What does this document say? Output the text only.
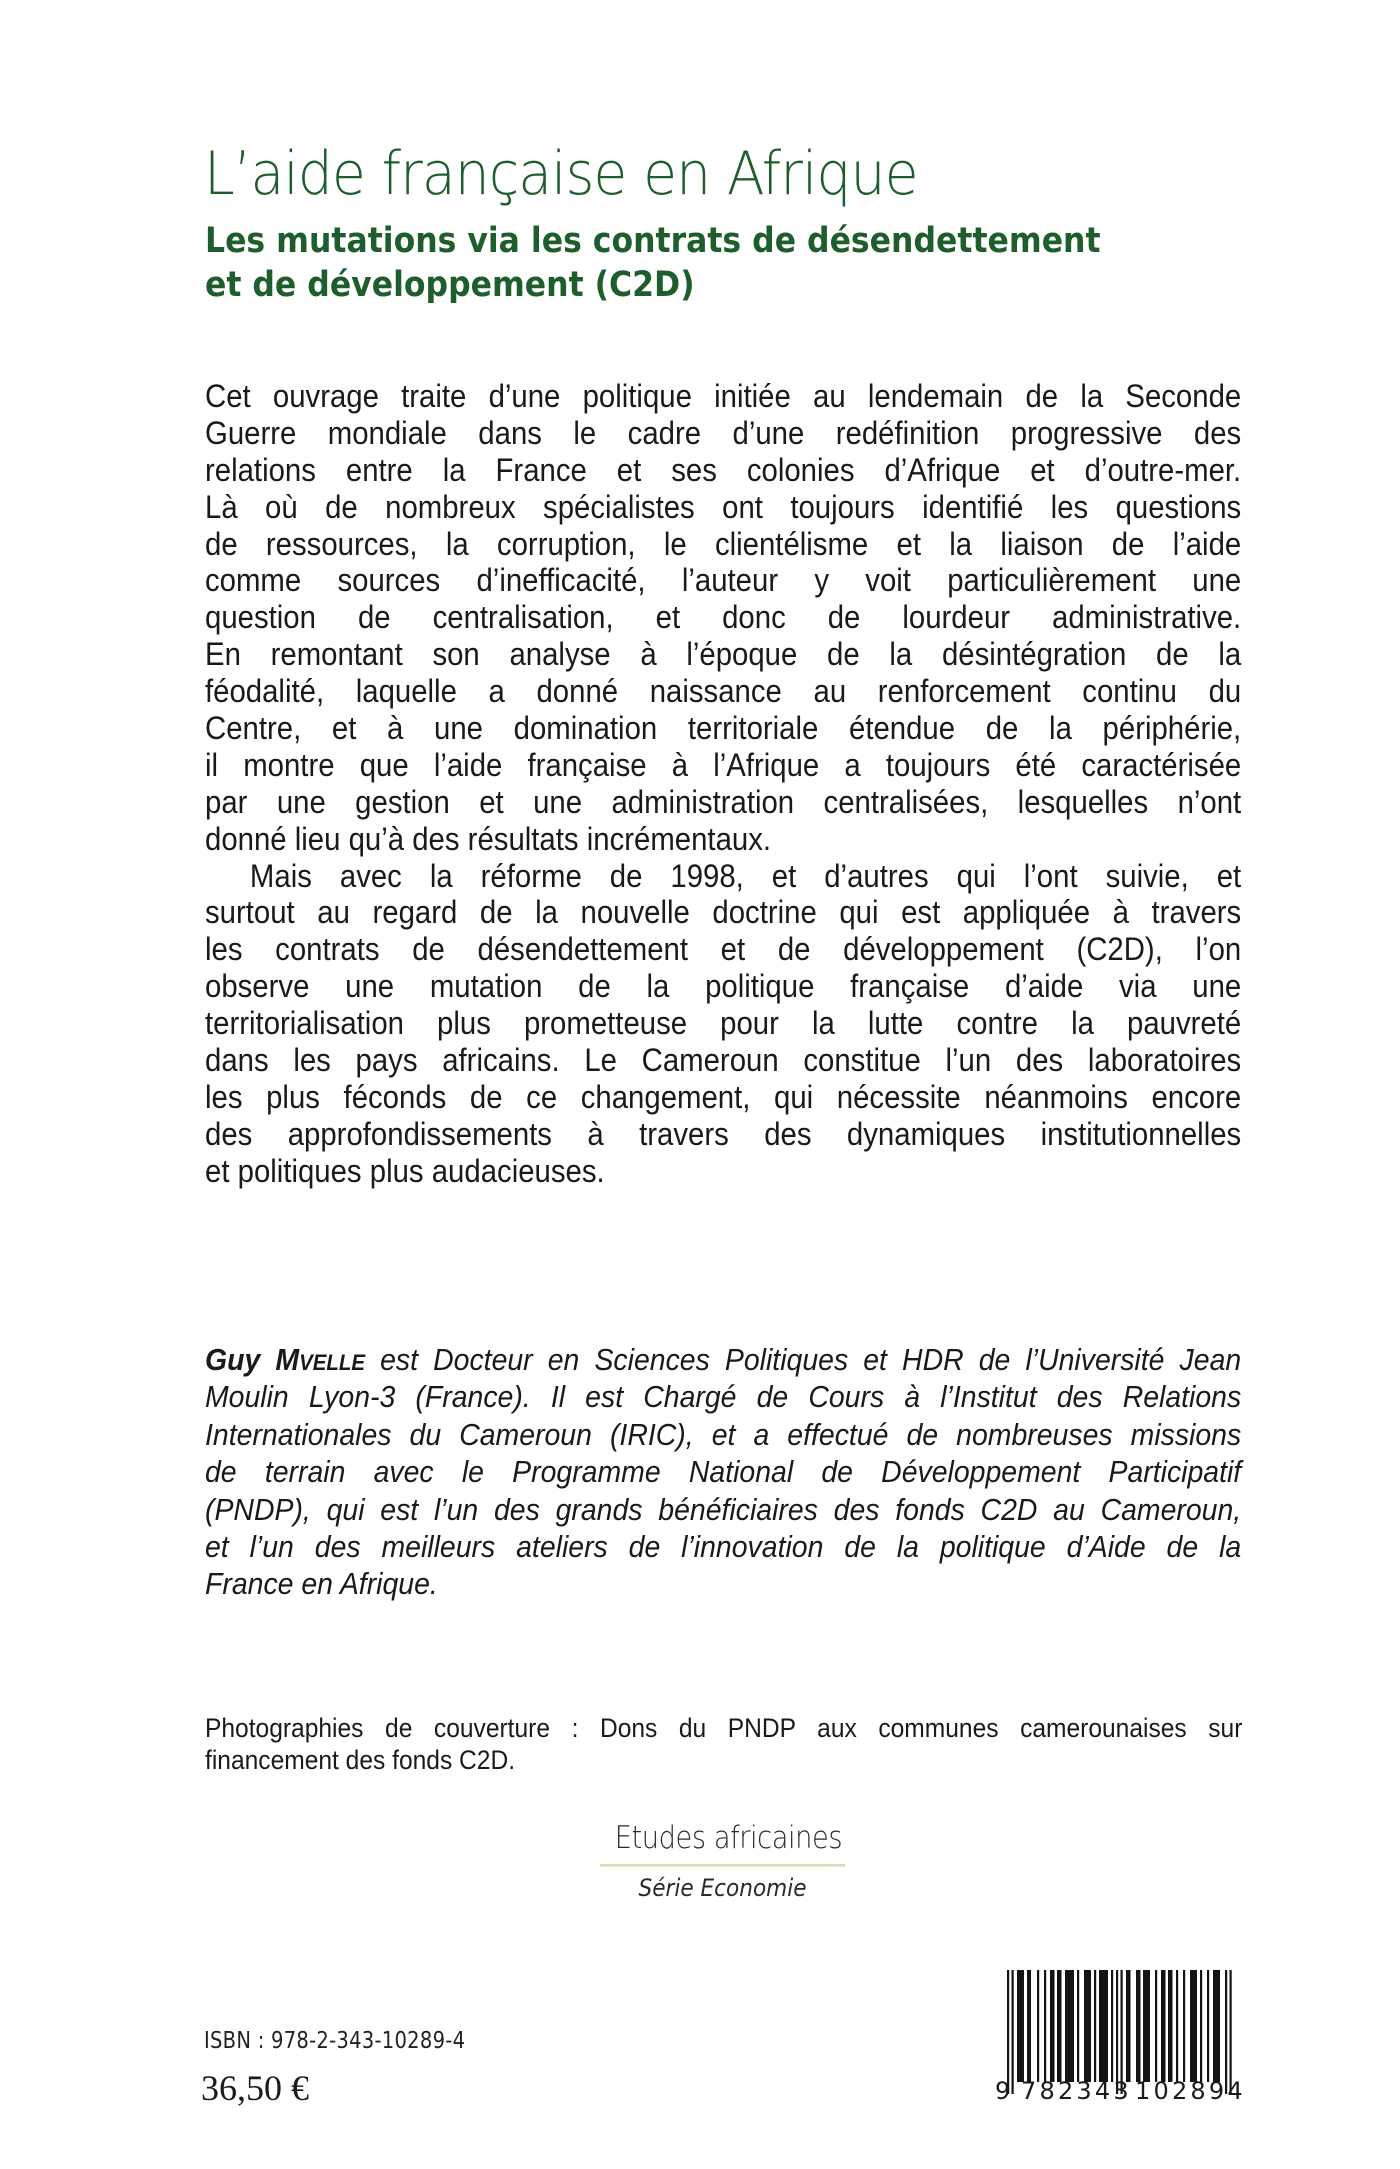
L’aide française en Afrique
Les mutations via les contrats de désendettement
et de développement (C2D)
Cet ouvrage traite d’une politique initiée au lendemain de la Seconde
Guerre mondiale dans le cadre d’une redéfinition progressive des
relations entre la France et ses colonies d’Afrique et d’outre-mer.
Là où de nombreux spécialistes ont toujours identifié les questions
de ressources, la corruption, le clientélisme et la liaison de l’aide
comme sources d’inefficacité, l’auteur y voit particulièrement une
question de centralisation, et donc de lourdeur administrative.
En remontant son analyse à l’époque de la désintégration de la
féodalité, laquelle a donné naissance au renforcement continu du
Centre, et à une domination territoriale étendue de la périphérie,
il montre que l’aide française à l’Afrique a toujours été caractérisée
par une gestion et une administration centralisées, lesquelles n’ont
donné lieu qu’à des résultats incrémentaux.
Mais avec la réforme de 1998, et d’autres qui l’ont suivie, et
surtout au regard de la nouvelle doctrine qui est appliquée à travers
les contrats de désendettement et de développement (C2D), l’on
observe une mutation de la politique française d’aide via une
territorialisation plus prometteuse pour la lutte contre la pauvreté
dans les pays africains. Le Cameroun constitue l’un des laboratoires
les plus féconds de ce changement, qui nécessite néanmoins encore
des approfondissements à travers des dynamiques institutionnelles
et politiques plus audacieuses.
Guy MVELLE est Docteur en Sciences Politiques et HDR de l’Université Jean
Moulin Lyon-3 (France). Il est Chargé de Cours à l’Institut des Relations
Internationales du Cameroun (IRIC), et a effectué de nombreuses missions
de terrain avec le Programme National de Développement Participatif
(PNDP), qui est l’un des grands bénéficiaires des fonds C2D au Cameroun,
et l’un des meilleurs ateliers de l’innovation de la politique d’Aide de la
France en Afrique.
Photographies de couverture : Dons du PNDP aux communes camerounaises sur
financement des fonds C2D.
Etudes africaines
Série Economie
ISBN : 978-2-343-10289-4
36,50 €	9 782343 102894
